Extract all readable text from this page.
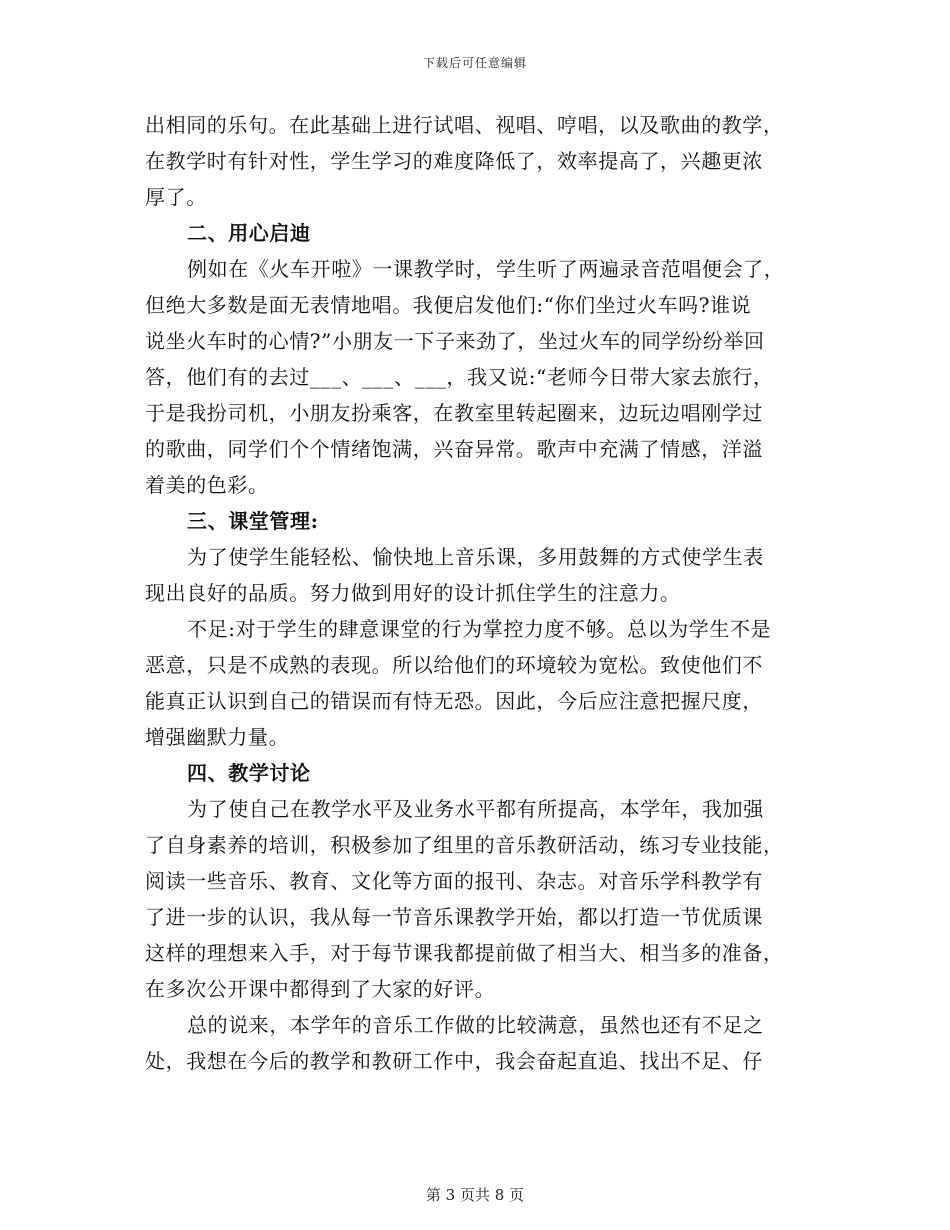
下载后可任意编辑
出相同的乐句。在此基础上进行试唱、视唱、哼唱，以及歌曲的教学，
在教学时有针对性，学生学习的难度降低了，效率提高了，兴趣更浓
厚了。
二、用心启迪
例如在《火车开啦》一课教学时，学生听了两遍录音范唱便会了，
但绝大多数是面无表情地唱。我便启发他们:“你们坐过火车吗?谁说
说坐火车时的心情?”小朋友一下子来劲了，坐过火车的同学纷纷举回
答，他们有的去过___、___、___，我又说:“老师今日带大家去旅行，
于是我扮司机，小朋友扮乘客，在教室里转起圈来，边玩边唱刚学过
的歌曲，同学们个个情绪饱满，兴奋异常。歌声中充满了情感，洋溢
着美的色彩。
三、课堂管理:
为了使学生能轻松、愉快地上音乐课，多用鼓舞的方式使学生表
现出良好的品质。努力做到用好的设计抓住学生的注意力。
不足:对于学生的肆意课堂的行为掌控力度不够。总以为学生不是
恶意，只是不成熟的表现。所以给他们的环境较为宽松。致使他们不
能真正认识到自己的错误而有恃无恐。因此，今后应注意把握尺度，
增强幽默力量。
四、教学讨论
为了使自己在教学水平及业务水平都有所提高，本学年，我加强
了自身素养的培训，积极参加了组里的音乐教研活动，练习专业技能，
阅读一些音乐、教育、文化等方面的报刊、杂志。对音乐学科教学有
了进一步的认识，我从每一节音乐课教学开始，都以打造一节优质课
这样的理想来入手，对于每节课我都提前做了相当大、相当多的准备，
在多次公开课中都得到了大家的好评。
总的说来，本学年的音乐工作做的比较满意，虽然也还有不足之
处，我想在今后的教学和教研工作中，我会奋起直追、找出不足、仔
第 3 页共 8 页
